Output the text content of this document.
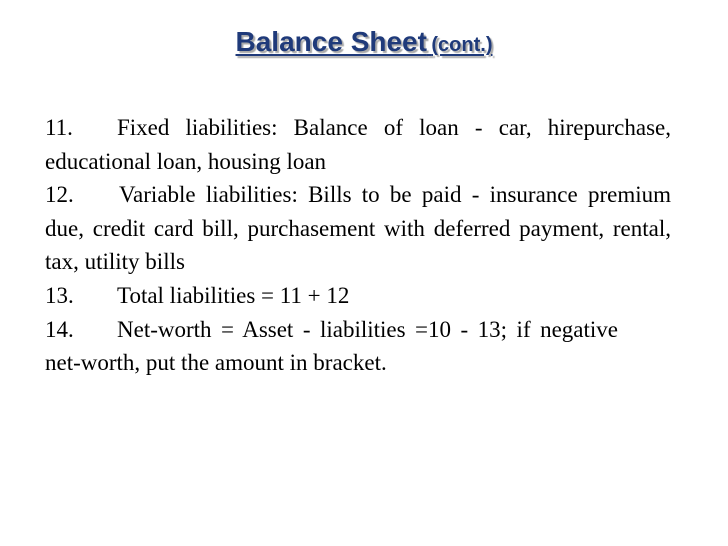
Balance Sheet (cont.)
11. Fixed liabilities: Balance of loan - car, hirepurchase, educational loan, housing loan
12. Variable liabilities: Bills to be paid - insurance premium due, credit card bill, purchasement with deferred payment, rental, tax, utility bills
13. Total liabilities = 11 + 12
14. Net-worth = Asset - liabilities =10 - 13; if negativenet-worth, put the amount in bracket.
